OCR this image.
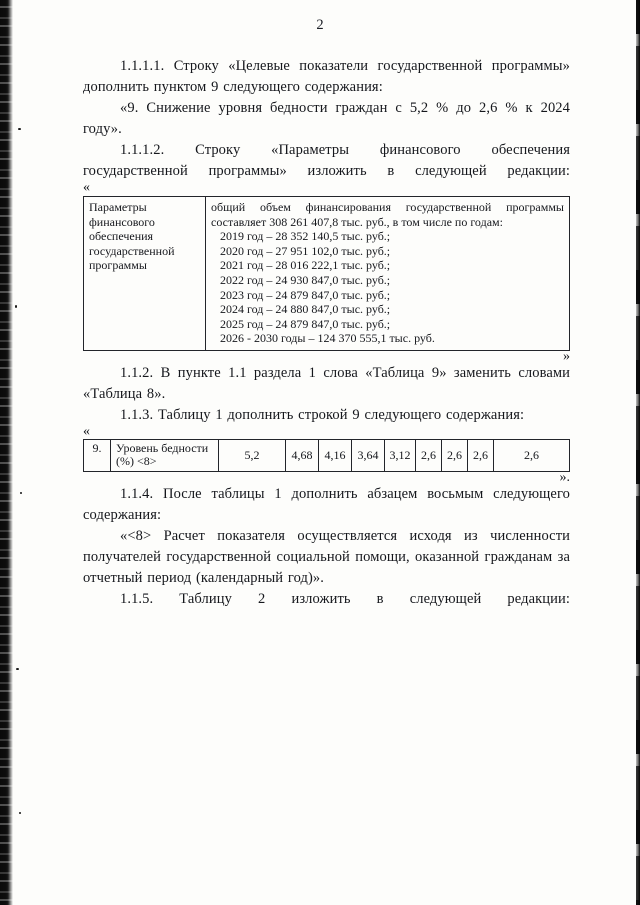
2

1.1.1.1. Строку «Целевые показатели государственной программы» дополнить пунктом 9 следующего содержания:

«9. Снижение уровня бедности граждан с 5,2 % до 2,6 % к 2024 году».

1.1.1.2. Строку «Параметры финансового обеспечения государственной программы» изложить в следующей редакции:

«
Параметры финансового обеспечения государственной программы	
общий объем финансирования государственной программы составляет 308 261 407,8 тыс. руб., в том числе по годам:
2019 год – 28 352 140,5 тыс. руб.;
2020 год – 27 951 102,0 тыс. руб.;
2021 год – 28 016 222,1 тыс. руб.;
2022 год – 24 930 847,0 тыс. руб.;
2023 год – 24 879 847,0 тыс. руб.;
2024 год – 24 880 847,0 тыс. руб.;
2025 год – 24 879 847,0 тыс. руб.;
2026 - 2030 годы – 124 370 555,1 тыс. руб.
»

1.1.2. В пункте 1.1 раздела 1 слова «Таблица 9» заменить словами «Таблица 8».

1.1.3. Таблицу 1 дополнить строкой 9 следующего содержания:

«
9.	Уровень бедности (%) <8>	5,2	4,68	4,16	3,64	3,12	2,6	2,6	2,6	2,6
».

1.1.4. После таблицы 1 дополнить абзацем восьмым следующего содержания:

«<8> Расчет показателя осуществляется исходя из численности получателей государственной социальной помощи, оказанной гражданам за отчетный период (календарный год)».

1.1.5. Таблицу 2 изложить в следующей редакции:
